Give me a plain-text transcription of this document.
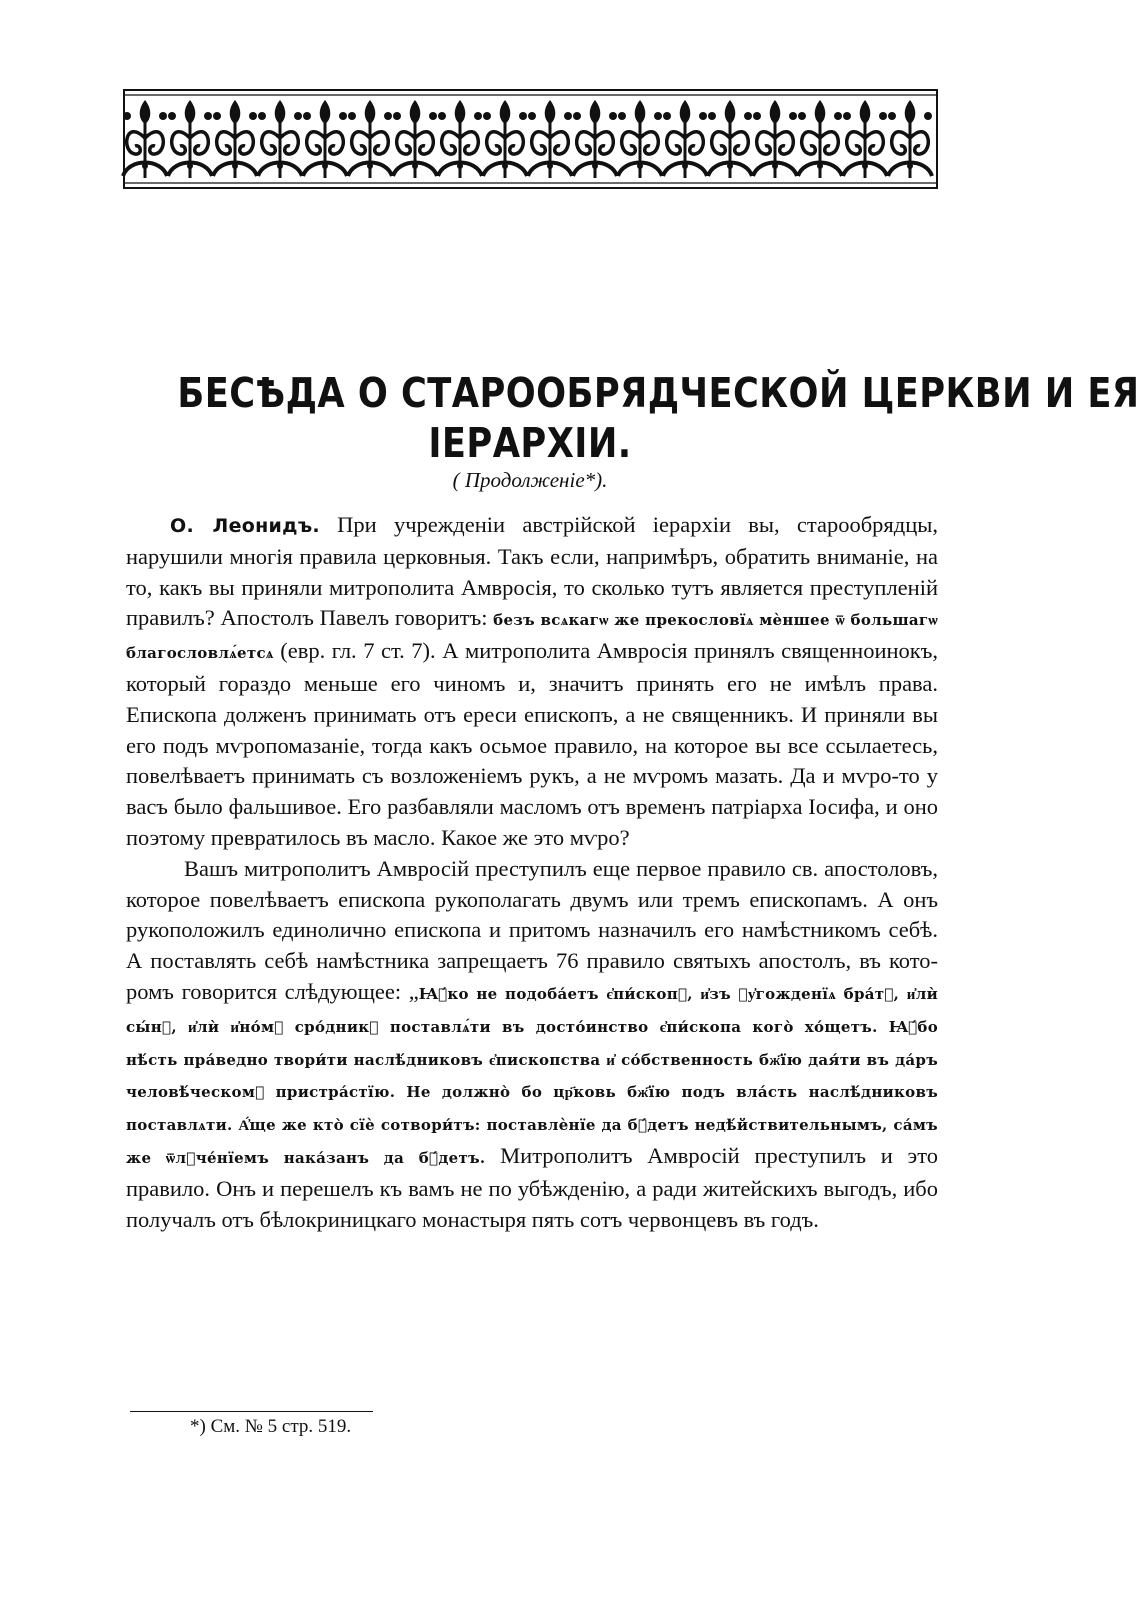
БЕСѢДА О СТАРООБРЯДЧЕСКОЙ ЦЕРКВИ И ЕЯ
ІЕРАРХІИ.
( Продолженіе*).

О. Леонидъ. При учрежденіи австрійской іерархіи вы, старообрядцы, нарушили многія правила церковныя. Такъ если, напримѣръ, обратить вниманіе, на то, какъ вы приняли митрополита Амвросія, то сколько тутъ является преступленій правилъ? Апостолъ Павелъ говоритъ: безъ всѧкагѡ же прекословїѧ мѐншее ѿ большагѡ благословлѧ́етсѧ (евр. гл. 7 ст. 7). А митрополита Амвросія принялъ священноинокъ, который гораздо меньше его чиномъ и, значитъ принять его не имѣлъ права. Епископа долженъ принимать отъ ереси епископъ, а не священникъ. И приняли вы его подъ мѵропомазаніе, тогда какъ осьмое правило, на которое вы все ссылаетесь, повелѣваетъ принимать съ возложеніемъ рукъ, а не мѵромъ мазать. Да и мѵро-то у васъ было фальшивое. Его разбавляли масломъ отъ временъ патріарха Іосифа, и оно поэтому превратилось въ масло. Какое же это мѵро?

Вашъ митрополитъ Амвросій преступилъ еще первое правило св. апостоловъ, которое повелѣваетъ епископа рукополагать двумъ или тремъ епископамъ. А онъ рукоположилъ единолично епископа и притомъ назначилъ его намѣстникомъ себѣ. А поставлять себѣ намѣстника запрещаетъ 76 правило святыхъ апостолъ, въ которомъ говорится слѣдующее: „Ꙗ҆́ко не подоба́етъ є҆пи́скопꙋ, и҆зъ ᲂу҆гожденїѧ бра́тꙋ, и҆лѝ сы́нꙋ, и҆лѝ и҆но́мꙋ сро́дникꙋ поставлѧ́ти въ досто́инство є҆пи́скопа кого̀ хо́щетъ. Ꙗ҆́бо нѣ́сть пра́ведно твори́ти наслѣ́дниковъ є҆пископства и҆ со́бственность бж҃їю дая́ти въ да́ръ человѣ́ческомꙋ пристра́стїю. Не должно̀ бо цр҃ковь бж҃їю подъ вла́сть наслѣ́дниковъ поставлѧти. А҆́ще же кто̀ сїѐ сотвори́тъ: поставлѐнїе да бꙋ́детъ недѣ́йствительнымъ, са́мъ же ѿлꙋче́нїемъ нака́занъ да бꙋ́детъ. Митрополитъ Амвросій преступилъ и это правило. Онъ и перешелъ къ вамъ не по убѣжденію, а ради житейскихъ выгодъ, ибо получалъ отъ бѣлокриницкаго монастыря пять сотъ червонцевъ въ годъ.

*) См. № 5 стр. 519.
